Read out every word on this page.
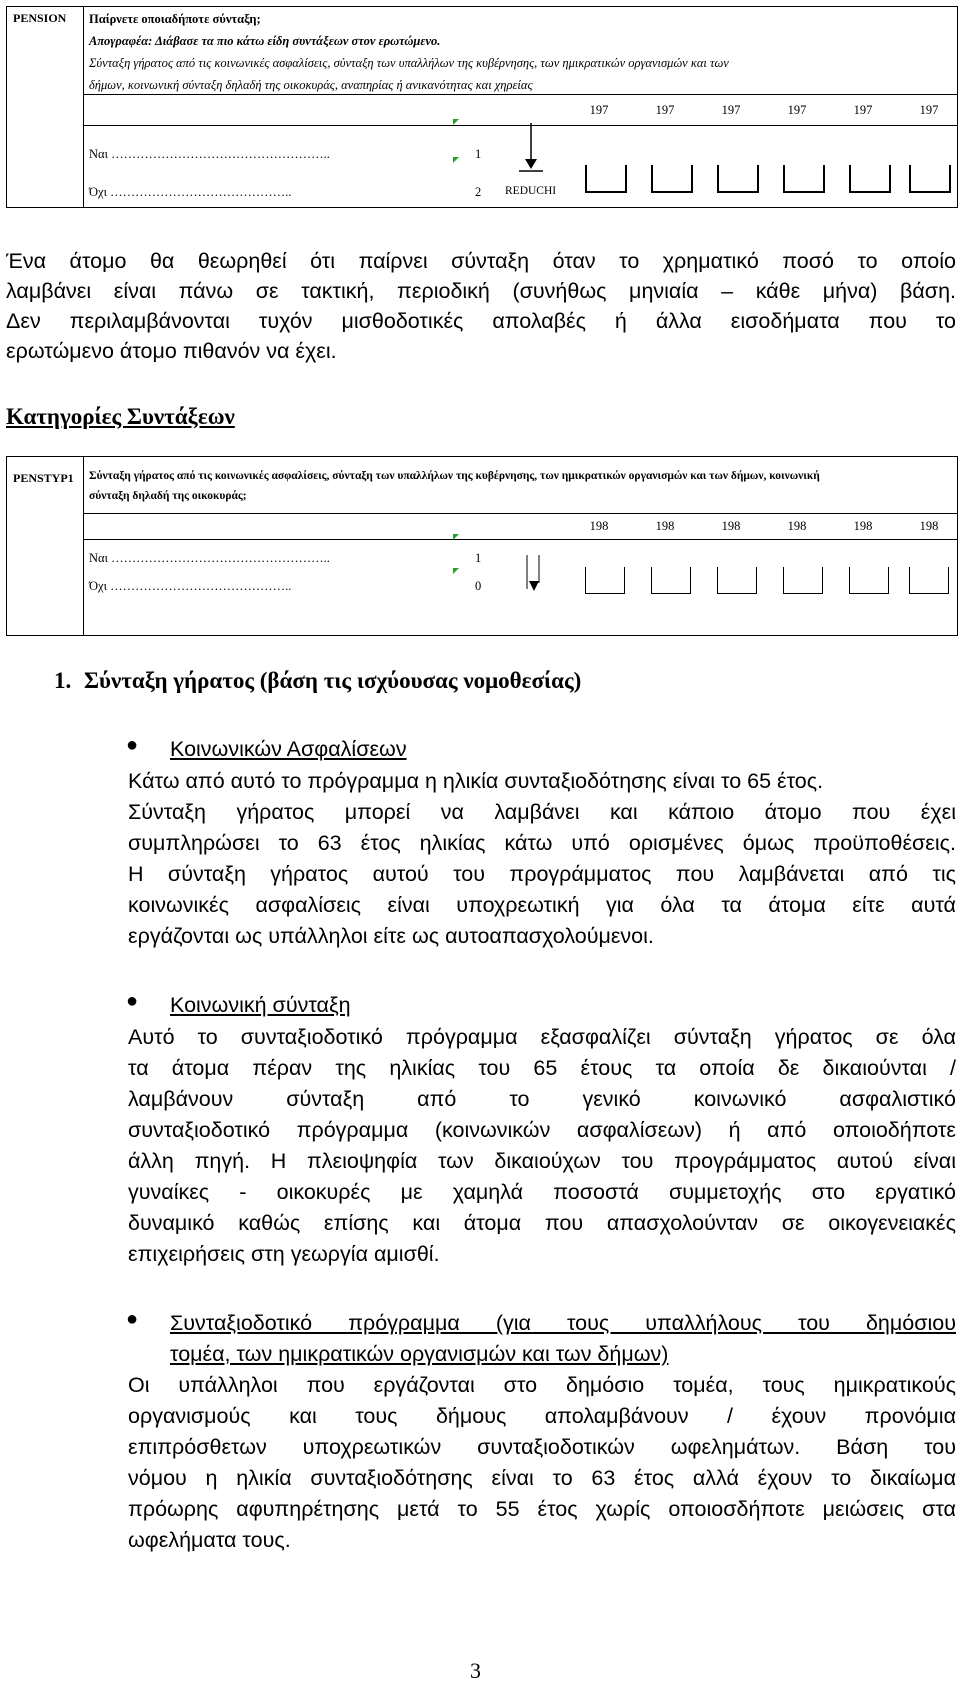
PENSION Παίρνετε οποιαδήποτε σύνταξη;
Απογραφέα: Διάβασε τα πιο κάτω είδη συντάξεων στον ερωτώμενο.
Σύνταξη γήρατος από τις κοινωνικές ασφαλίσεις, σύνταξη των υπαλλήλων της κυβέρνησης, των ημικρατικών οργανισμών και των
δήμων, κοινωνική σύνταξη δηλαδή της οικοκυράς, αναπηρίας ή ανικανότητας και χηρείας
197	197	197	197	197	197
Ναι ……………………………………………..	1
Όχι ……………………………………..	2 REDUCHI
Ένα άτομο θα θεωρηθεί ότι παίρνει σύνταξη όταν το χρηματικό ποσό το οποίο
λαμβάνει είναι πάνω σε τακτική, περιοδική (συνήθως μηνιαία – κάθε μήνα) βάση.
Δεν περιλαμβάνονται τυχόν μισθοδοτικές απολαβές ή άλλα εισοδήματα που το
ερωτώμενο άτομο πιθανόν να έχει.
Κατηγορίες Συντάξεων
PENSTYP1 Σύνταξη γήρατος από τις κοινωνικές ασφαλίσεις, σύνταξη των υπαλλήλων της κυβέρνησης, των ημικρατικών οργανισμών και των δήμων, κοινωνική
σύνταξη δηλαδή της οικοκυράς;
198	198	198	198	198	198
Ναι ……………………………………………..	1
Όχι ……………………………………..	0
1. Σύνταξη γήρατος (βάση τις ισχύουσας νομοθεσίας)
● Κοινωνικών Ασφαλίσεων
Κάτω από αυτό το πρόγραμμα η ηλικία συνταξιοδότησης είναι το 65 έτος.
Σύνταξη γήρατος μπορεί να λαμβάνει και κάποιο άτομο που έχει
συμπληρώσει το 63 έτος ηλικίας κάτω υπό ορισμένες όμως προϋποθέσεις.
Η σύνταξη γήρατος αυτού του προγράμματος που λαμβάνεται από τις
κοινωνικές ασφαλίσεις είναι υποχρεωτική για όλα τα άτομα είτε αυτά
εργάζονται ως υπάλληλοι είτε ως αυτοαπασχολούμενοι.
● Κοινωνική σύνταξη
Αυτό το συνταξιοδοτικό πρόγραμμα εξασφαλίζει σύνταξη γήρατος σε όλα
τα άτομα πέραν της ηλικίας του 65 έτους τα οποία δε δικαιούνται /
λαμβάνουν σύνταξη από το γενικό κοινωνικό ασφαλιστικό
συνταξιοδοτικό πρόγραμμα (κοινωνικών ασφαλίσεων) ή από οποιοδήποτε
άλλη πηγή. Η πλειοψηφία των δικαιούχων του προγράμματος αυτού είναι
γυναίκες - οικοκυρές με χαμηλά ποσοστά συμμετοχής στο εργατικό
δυναμικό καθώς επίσης και άτομα που απασχολούνταν σε οικογενειακές
επιχειρήσεις στη γεωργία αμισθί.
● Συνταξιοδοτικό πρόγραμμα (για τους υπαλλήλους του δημόσιου
τομέα, των ημικρατικών οργανισμών και των δήμων)
Οι υπάλληλοι που εργάζονται στο δημόσιο τομέα, τους ημικρατικούς
οργανισμούς και τους δήμους απολαμβάνουν / έχουν προνόμια
επιπρόσθετων υποχρεωτικών συνταξιοδοτικών ωφελημάτων. Βάση του
νόμου η ηλικία συνταξιοδότησης είναι το 63 έτος αλλά έχουν το δικαίωμα
πρόωρης αφυπηρέτησης μετά το 55 έτος χωρίς οποιοσδήποτε μειώσεις στα
ωφελήματα τους.
3
